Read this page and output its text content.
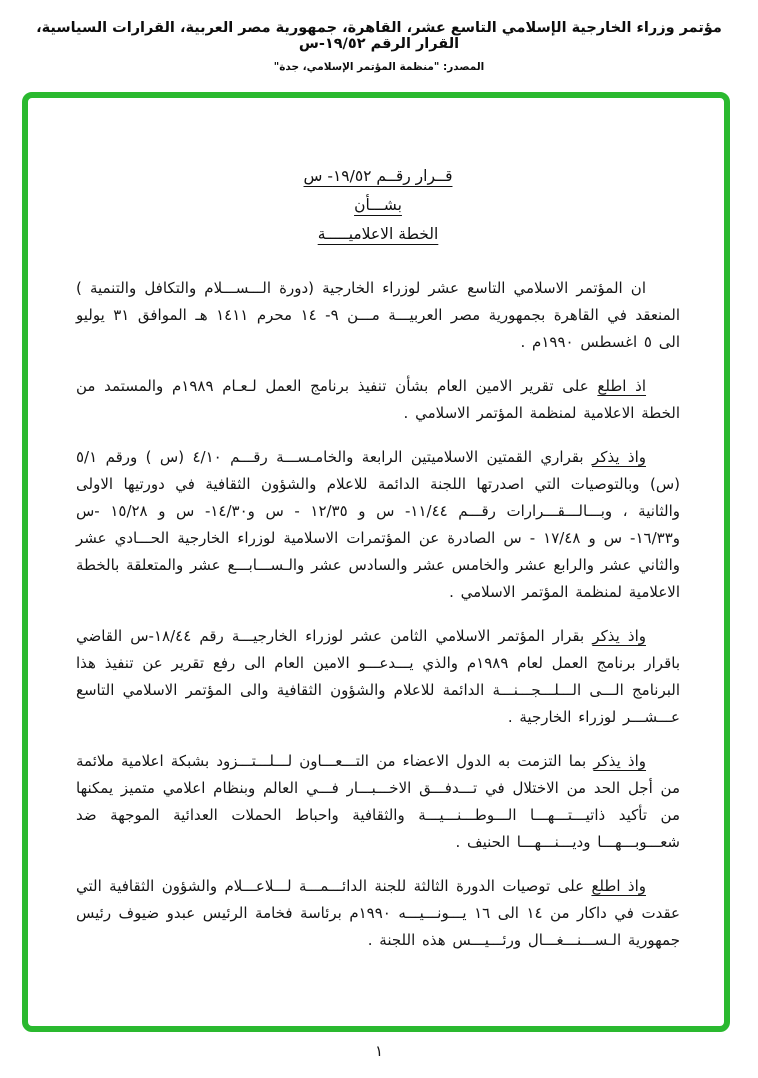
مؤتمر وزراء الخارجية الإسلامي التاسع عشر، القاهرة، جمهورية مصر العربية، القرارات السياسية، القرار الرقم ١٩/٥٢-س
المصدر: "منظمة المؤتمر الإسلامي، جدة"
قــرار رقــم ١٩/٥٢- س
بشـــأن
الخطة الاعلاميـــــة

ان المؤتمر الاسلامي التاسع عشر لوزراء الخارجية (دورة الـــســـلام والتكافل والتنمية ) المنعقد في القاهرة بجمهورية مصر العربيـــة مـــن ٩- ١٤ محرم ١٤١١ هـ الموافق ٣١ يوليو الى ٥ اغسطس ١٩٩٠م .

اذ اطلع على تقرير الامين العام بشأن تنفيذ برنامج العمل لـعـام ١٩٨٩م والمستمد من الخطة الاعلامية لمنظمة المؤتمر الاسلامي .

واذ يذكر بقراري القمتين الاسلاميتين الرابعة والخامـســـة رقـــم ٤/١٠ (س ) ورقم ٥/١ (س) وبالتوصيات التي اصدرتها اللجنة الدائمة للاعلام والشؤون الثقافية في دورتيها الاولى والثانية ، وبـــالـــقـــرارات رقـــم ١١/٤٤- س و ١٢/٣٥ - س و١٤/٣٠- س و ١٥/٢٨ -س و١٦/٣٣- س و ١٧/٤٨ - س الصادرة عن المؤتمرات الاسلامية لوزراء الخارجية الحـــادي عشر والثاني عشر والرابع عشر والخامس عشر والسادس عشر والـســـابـــع عشر والمتعلقة بالخطة الاعلامية لمنظمة المؤتمر الاسلامي .

واذ يذكر بقرار المؤتمر الاسلامي الثامن عشر لوزراء الخارجيـــة رقم ١٨/٤٤-س القاضي باقرار برنامج العمل لعام ١٩٨٩م والذي يـــدعـــو الامين العام الى رفع تقرير عن تنفيذ هذا البرنامج الـــى الـــلـــجـــنـــة الدائمة للاعلام والشؤون الثقافية والى المؤتمر الاسلامي التاسع عـــشـــر لوزراء الخارجية .

واذ يذكر بما التزمت به الدول الاعضاء من التـــعـــاون لـــلـــتـــزود بشبكة اعلامية ملائمة من أجل الحد من الاختلال في تـــدفـــق الاخـــبـــار فـــي العالم وبنظام اعلامي متميز يمكنها من تأكيد ذاتيـــتـــهـــا الـــوطـــنـــيـــة والثقافية واحباط الحملات العدائية الموجهة ضد شعـــوبـــهـــا وديـــنـــهـــا الحنيف .

واذ اطلع على توصيات الدورة الثالثة للجنة الدائـــمـــة لـــلاعـــلام والشؤون الثقافية التي عقدت في داكار من ١٤ الى ١٦ يـــونـــيـــه ١٩٩٠م برئاسة فخامة الرئيس عبدو ضيوف رئيس جمهورية الـســـنـــغـــال ورئـــيـــس هذه اللجنة .

١
